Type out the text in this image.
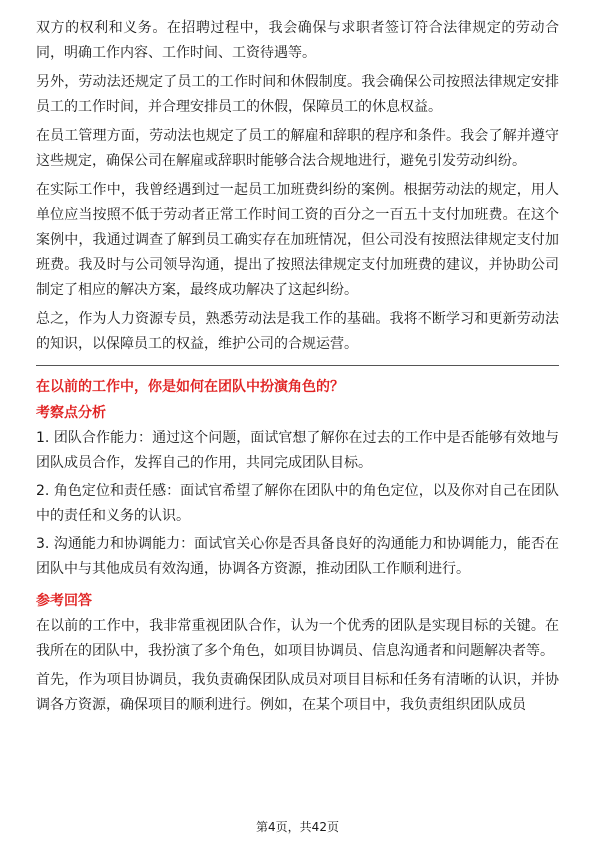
双方的权利和义务。在招聘过程中，我会确保与求职者签订符合法律规定的劳动合同，明确工作内容、工作时间、工资待遇等。

另外，劳动法还规定了员工的工作时间和休假制度。我会确保公司按照法律规定安排员工的工作时间，并合理安排员工的休假，保障员工的休息权益。

在员工管理方面，劳动法也规定了员工的解雇和辞职的程序和条件。我会了解并遵守这些规定，确保公司在解雇或辞职时能够合法合规地进行，避免引发劳动纠纷。

在实际工作中，我曾经遇到过一起员工加班费纠纷的案例。根据劳动法的规定，用人单位应当按照不低于劳动者正常工作时间工资的百分之一百五十支付加班费。在这个案例中，我通过调查了解到员工确实存在加班情况，但公司没有按照法律规定支付加班费。我及时与公司领导沟通，提出了按照法律规定支付加班费的建议，并协助公司制定了相应的解决方案，最终成功解决了这起纠纷。

总之，作为人力资源专员，熟悉劳动法是我工作的基础。我将不断学习和更新劳动法的知识，以保障员工的权益，维护公司的合规运营。

在以前的工作中，你是如何在团队中扮演角色的？

考察点分析

1. 团队合作能力：通过这个问题，面试官想了解你在过去的工作中是否能够有效地与团队成员合作，发挥自己的作用，共同完成团队目标。

2. 角色定位和责任感：面试官希望了解你在团队中的角色定位，以及你对自己在团队中的责任和义务的认识。

3. 沟通能力和协调能力：面试官关心你是否具备良好的沟通能力和协调能力，能否在团队中与其他成员有效沟通，协调各方资源，推动团队工作顺利进行。

参考回答

在以前的工作中，我非常重视团队合作，认为一个优秀的团队是实现目标的关键。在我所在的团队中，我扮演了多个角色，如项目协调员、信息沟通者和问题解决者等。

首先，作为项目协调员，我负责确保团队成员对项目目标和任务有清晰的认识，并协调各方资源，确保项目的顺利进行。例如，在某个项目中，我负责组织团队成员

第4页，共42页
